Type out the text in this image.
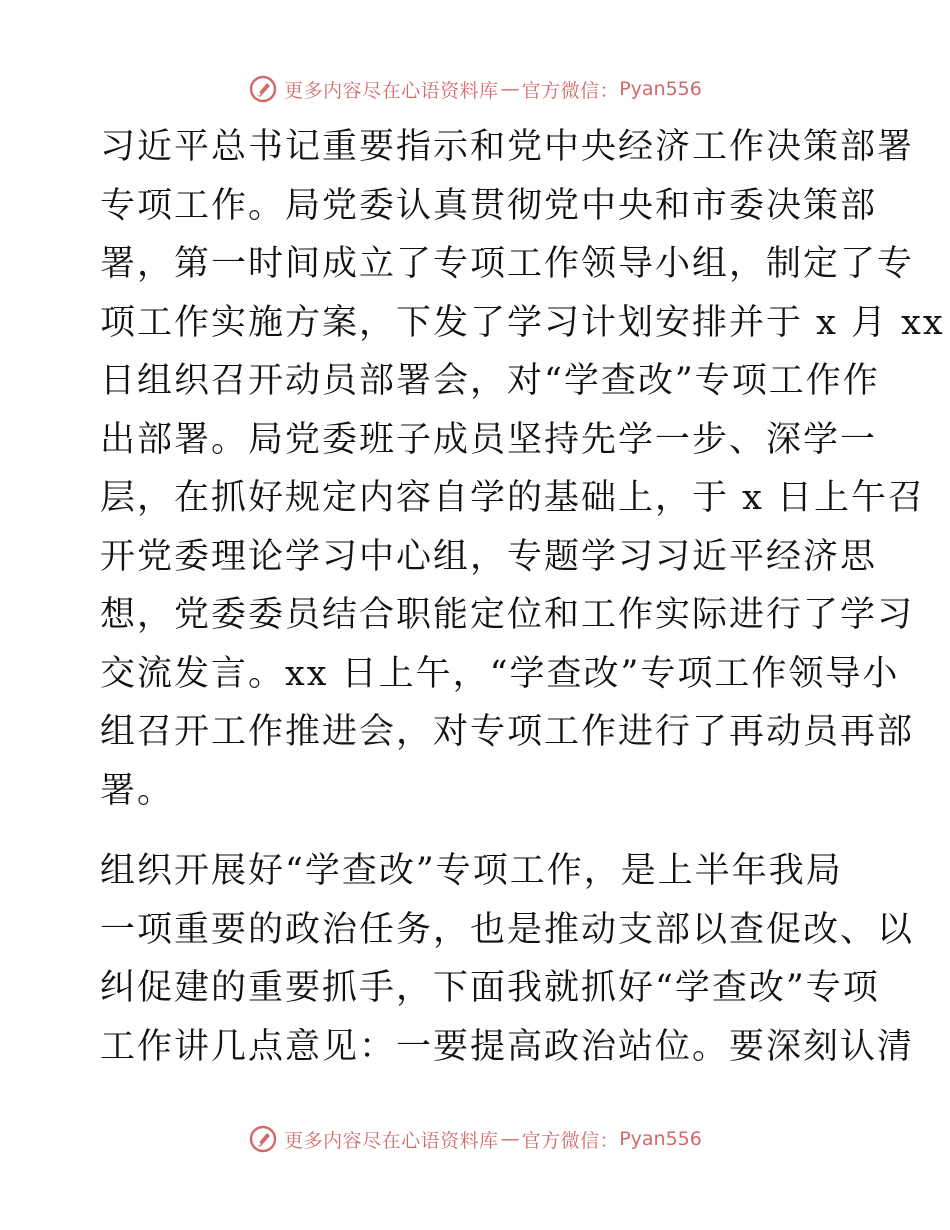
更多内容尽在心语资料库 — 官方微信： Pyan556
习近平总书记重要指示和党中央经济工作决策部署
专项工作。局党委认真贯彻党中央和市委决策部
署，第一时间成立了专项工作领导小组，制定了专
项工作实施方案，下发了学习计划安排并于 x 月 xx
日组织召开动员部署会，对“学查改”专项工作作
出部署。局党委班子成员坚持先学一步、深学一
层，在抓好规定内容自学的基础上，于 x 日上午召
开党委理论学习中心组，专题学习习近平经济思
想，党委委员结合职能定位和工作实际进行了学习
交流发言。xx 日上午，“学查改”专项工作领导小
组召开工作推进会，对专项工作进行了再动员再部
署。
组织开展好“学查改”专项工作，是上半年我局
一项重要的政治任务，也是推动支部以查促改、以
纠促建的重要抓手，下面我就抓好“学查改”专项
工作讲几点意见：一要提高政治站位。要深刻认清
更多内容尽在心语资料库 — 官方微信： Pyan556
